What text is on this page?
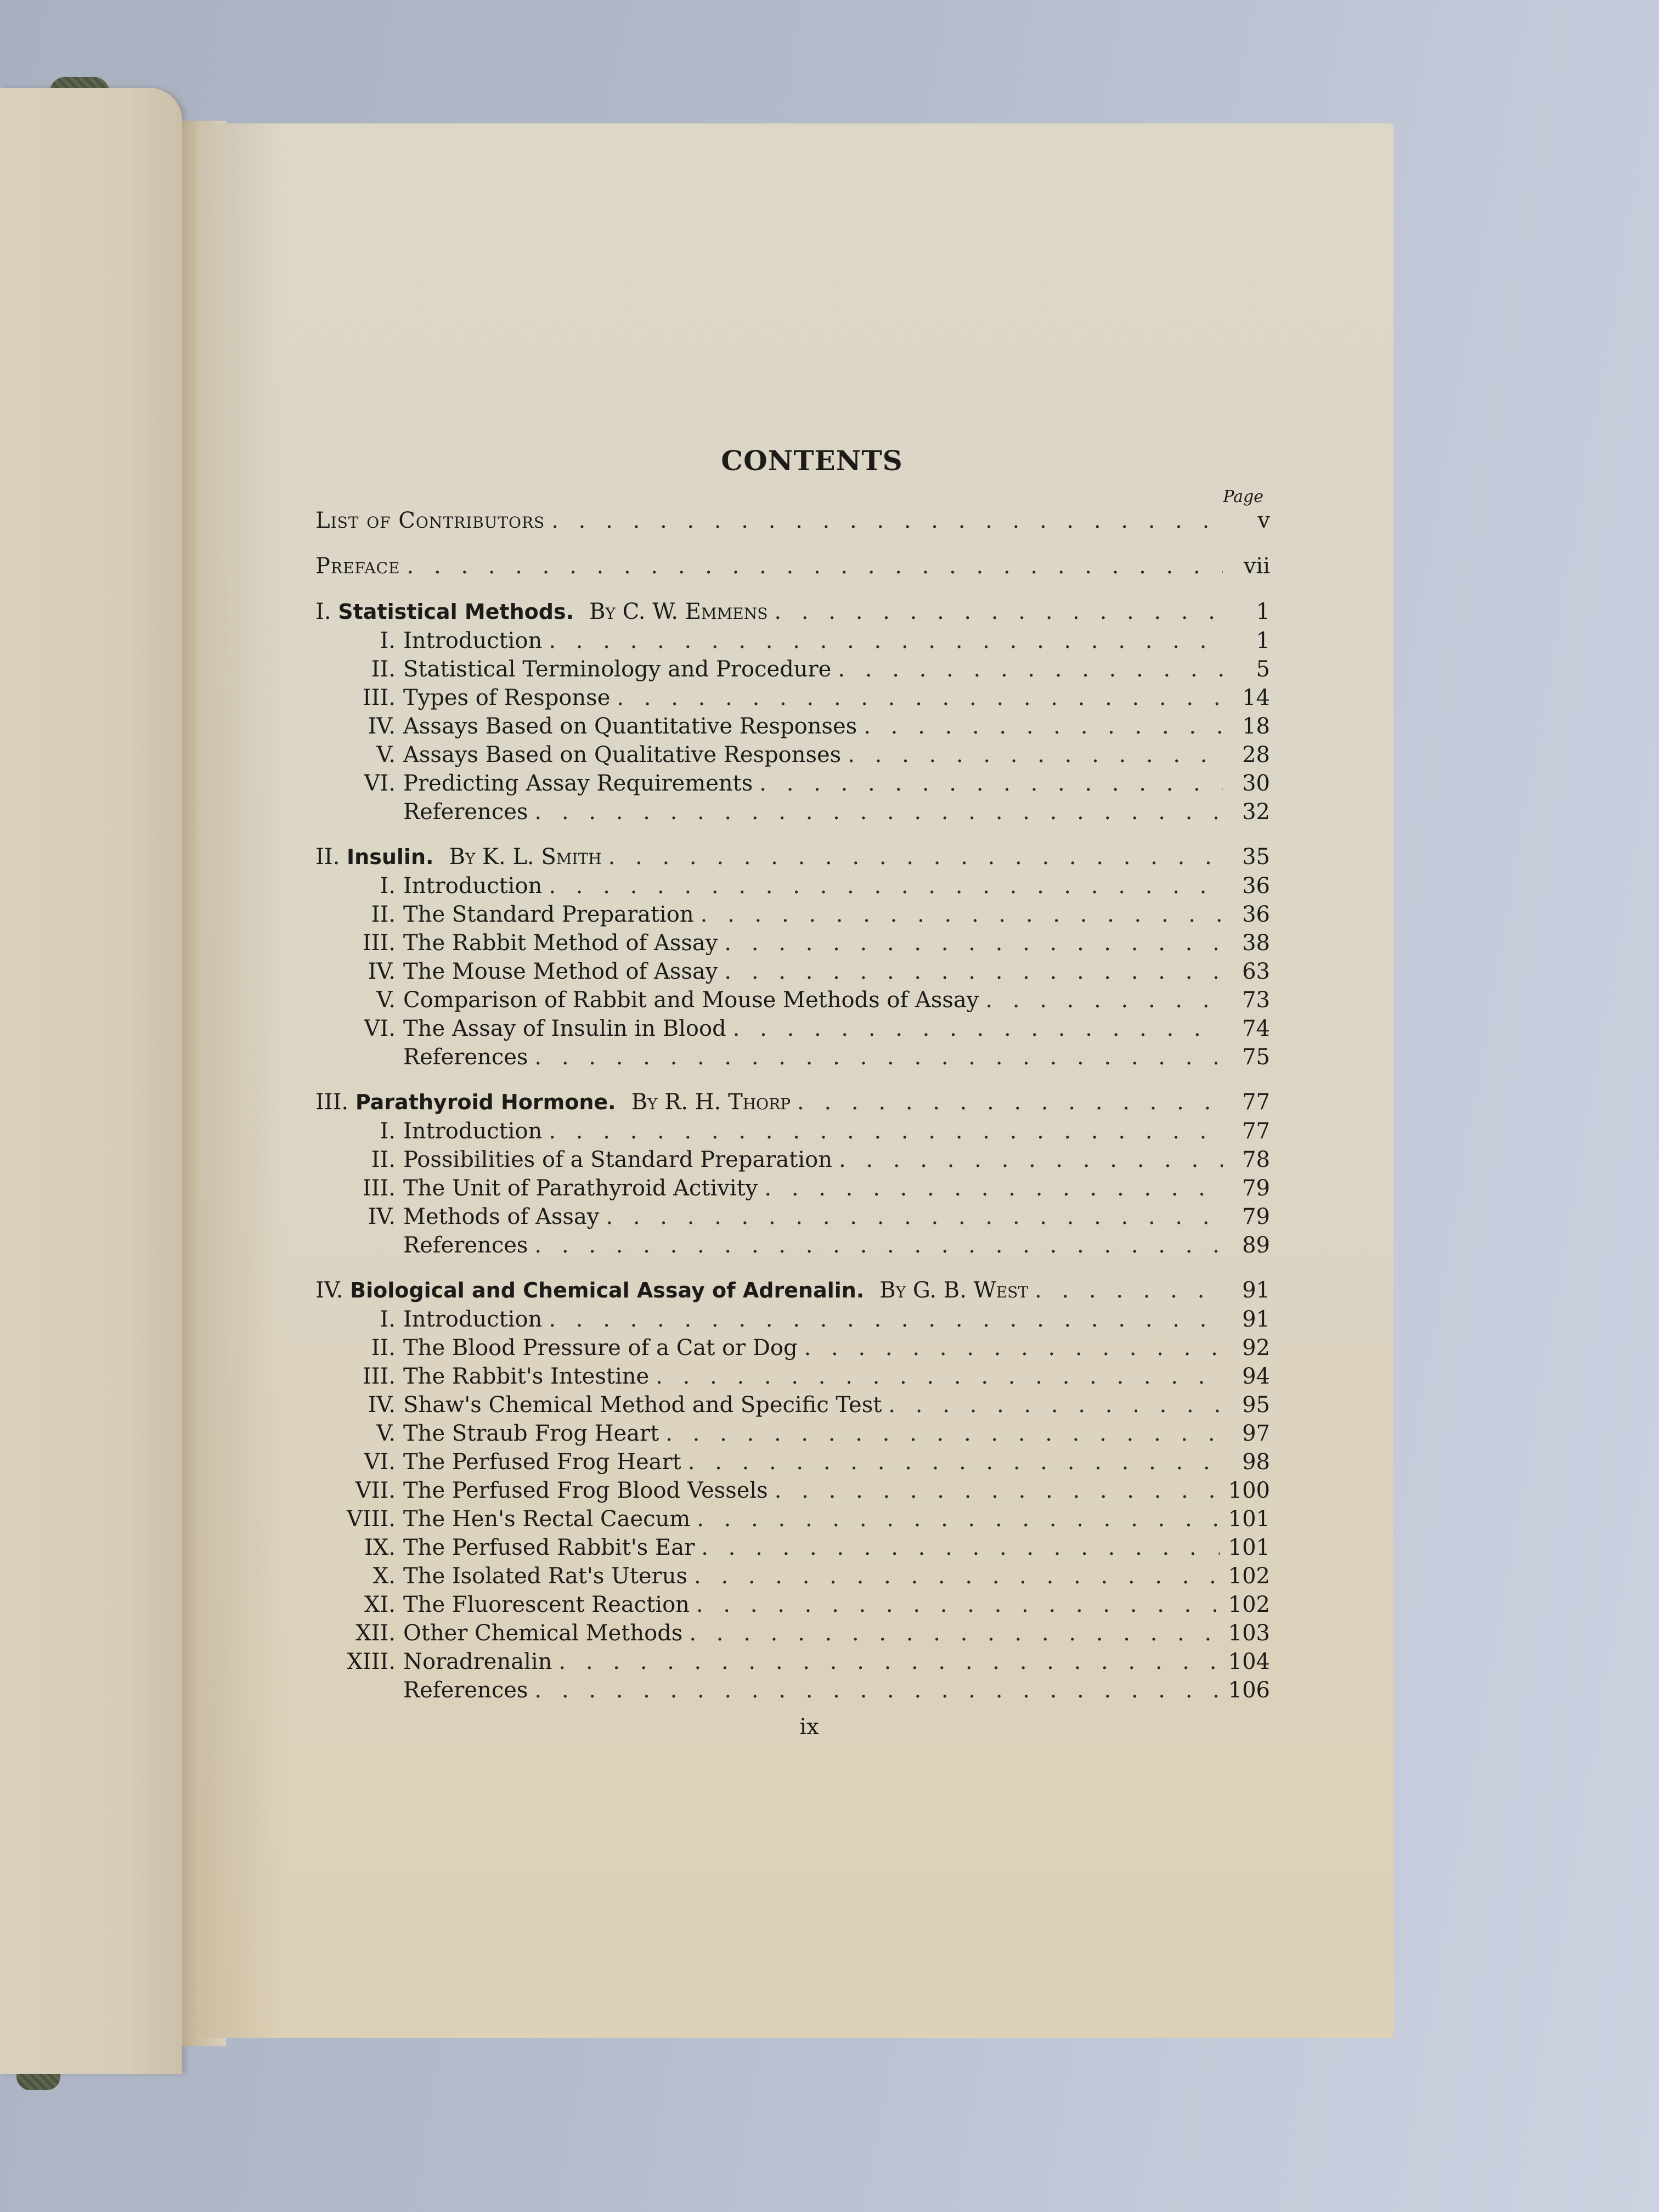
CONTENTS
Page
List of Contributors . . .	v
Preface . . .	vii
I. Statistical Methods. By C. W. Emmens . . .	1
I. Introduction . . .	1
II. Statistical Terminology and Procedure . . .	5
III. Types of Response . . .	14
IV. Assays Based on Quantitative Responses . . .	18
V. Assays Based on Qualitative Responses . . .	28
VI. Predicting Assay Requirements . . .	30
References . . .	32
II. Insulin. By K. L. Smith . . .	35
I. Introduction . . .	36
II. The Standard Preparation . . .	36
III. The Rabbit Method of Assay . . .	38
IV. The Mouse Method of Assay . . .	63
V. Comparison of Rabbit and Mouse Methods of Assay . . .	73
VI. The Assay of Insulin in Blood . . .	74
References . . .	75
III. Parathyroid Hormone. By R. H. Thorp . . .	77
I. Introduction . . .	77
II. Possibilities of a Standard Preparation . . .	78
III. The Unit of Parathyroid Activity . . .	79
IV. Methods of Assay . . .	79
References . . .	89
IV. Biological and Chemical Assay of Adrenalin. By G. B. West . . .	91
I. Introduction . . .	91
II. The Blood Pressure of a Cat or Dog . . .	92
III. The Rabbit's Intestine . . .	94
IV. Shaw's Chemical Method and Specific Test . . .	95
V. The Straub Frog Heart . . .	97
VI. The Perfused Frog Heart . . .	98
VII. The Perfused Frog Blood Vessels . . .	100
VIII. The Hen's Rectal Caecum . . .	101
IX. The Perfused Rabbit's Ear . . .	101
X. The Isolated Rat's Uterus . . .	102
XI. The Fluorescent Reaction . . .	102
XII. Other Chemical Methods . . .	103
XIII. Noradrenalin . . .	104
References . . .	106
ix
